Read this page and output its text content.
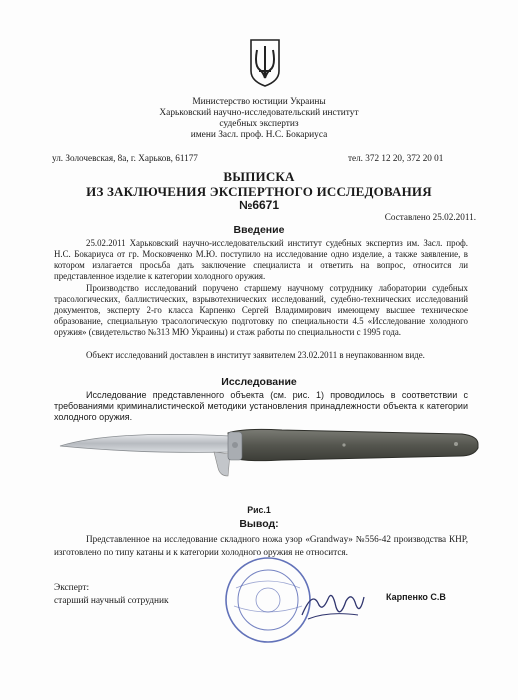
Министерство юстиции Украины
Харьковский научно-исследовательский институт
судебных экспертиз
имени Засл. проф. Н.С. Бокариуса
ул. Золочевская, 8а, г. Харьков, 61177	тел. 372 12 20, 372 20 01
ВЫПИСКА
ИЗ ЗАКЛЮЧЕНИЯ ЭКСПЕРТНОГО ИССЛЕДОВАНИЯ
№6671
Составлено 25.02.2011.
Введение
25.02.2011 Харьковский научно-исследовательский институт судебных экспертиз им. Засл. проф. Н.С. Бокариуса от гр. Московченко М.Ю. поступило на исследование одно изделие, а также заявление, в котором излагается просьба дать заключение специалиста и ответить на вопрос, относится ли представленное изделие к категории холодного оружия.
Производство исследований поручено старшему научному сотруднику лаборатории судебных трасологических, баллистических, взрывотехнических исследований, судебно-технических исследований документов, эксперту 2-го класса Карпенко Сергей Владимирович имеющему высшее техническое образование, специальную трасологическую подготовку по специальности 4.5 «Исследование холодного оружия» (свидетельство №313 МЮ Украины) и стаж работы по специальности с 1995 года.
Объект исследований доставлен в институт заявителем 23.02.2011 в неупакованном виде.
Исследование
Исследование представленного объекта (см. рис. 1) проводилось в соответствии с требованиями криминалистической методики установления принадлежности объекта к категории холодного оружия.
Рис.1
Вывод:
Представленное на исследование складного ножа узор «Grandway» №556-42 производства КНР, изготовлено по типу катаны и к категории холодного оружия не относится.
Эксперт:
старший научный сотрудник	Карпенко С.В
